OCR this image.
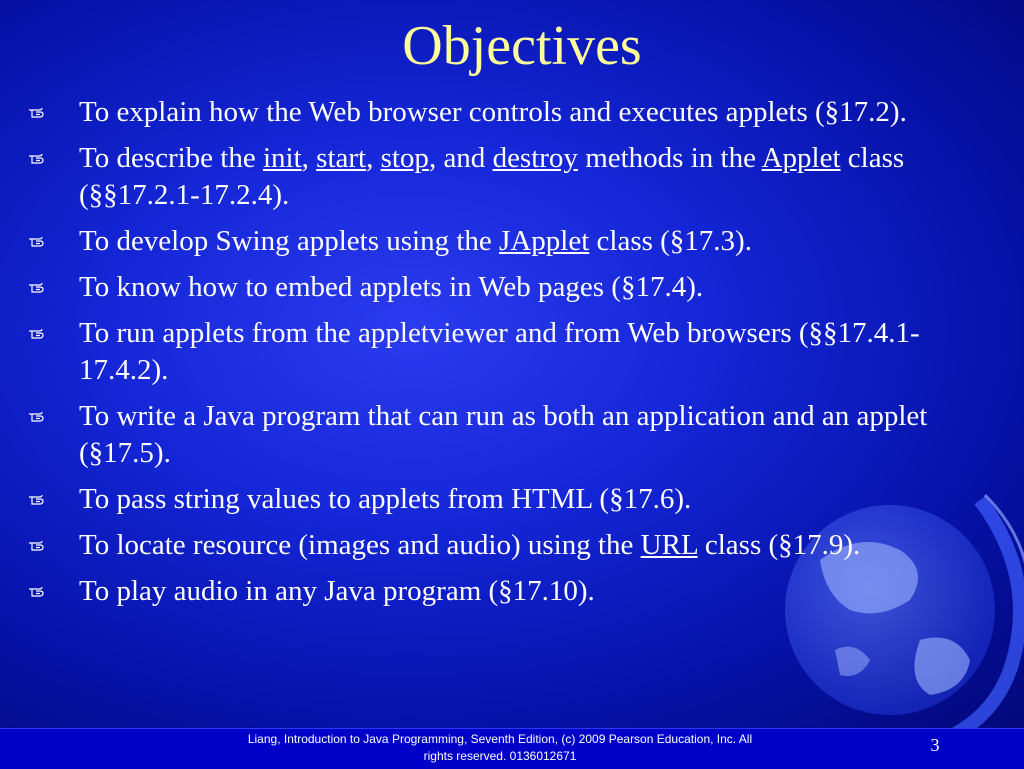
Objectives
To explain how the Web browser controls and executes applets (§17.2).
To describe the init, start, stop, and destroy methods in the Applet class (§§17.2.1-17.2.4).
To develop Swing applets using the JApplet class (§17.3).
To know how to embed applets in Web pages (§17.4).
To run applets from the appletviewer and from Web browsers (§§17.4.1-17.4.2).
To write a Java program that can run as both an application and an applet (§17.5).
To pass string values to applets from HTML (§17.6).
To locate resource (images and audio) using the URL class (§17.9).
To play audio in any Java program (§17.10).
Liang, Introduction to Java Programming, Seventh Edition, (c) 2009 Pearson Education, Inc. All
rights reserved. 0136012671
3
